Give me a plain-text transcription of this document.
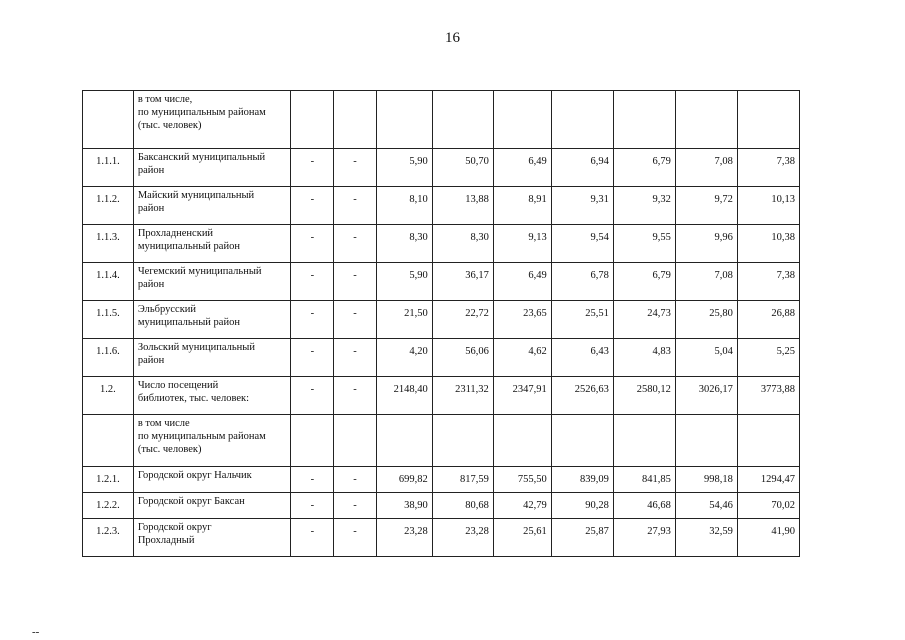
16
	в том числе,
по муниципальным районам
(тыс. человек)									
1.1.1.	Баксанский муниципальный
район	-	-	5,90	50,70	6,49	6,94	6,79	7,08	7,38
1.1.2.	Майский муниципальный
район	-	-	8,10	13,88	8,91	9,31	9,32	9,72	10,13
1.1.3.	Прохладненский
муниципальный район	-	-	8,30	8,30	9,13	9,54	9,55	9,96	10,38
1.1.4.	Чегемский муниципальный
район	-	-	5,90	36,17	6,49	6,78	6,79	7,08	7,38
1.1.5.	Эльбрусский
муниципальный район	-	-	21,50	22,72	23,65	25,51	24,73	25,80	26,88
1.1.6.	Зольский муниципальный
район	-	-	4,20	56,06	4,62	6,43	4,83	5,04	5,25
1.2.	Число посещений
библиотек, тыс. человек:	-	-	2148,40	2311,32	2347,91	2526,63	2580,12	3026,17	3773,88
	в том числе
по муниципальным районам
(тыс. человек)									
1.2.1.	Городской округ Нальчик	-	-	699,82	817,59	755,50	839,09	841,85	998,18	1294,47
1.2.2.	Городской округ Баксан	-	-	38,90	80,68	42,79	90,28	46,68	54,46	70,02
1.2.3.	Городской округ
Прохладный	-	-	23,28	23,28	25,61	25,87	27,93	32,59	41,90
--
